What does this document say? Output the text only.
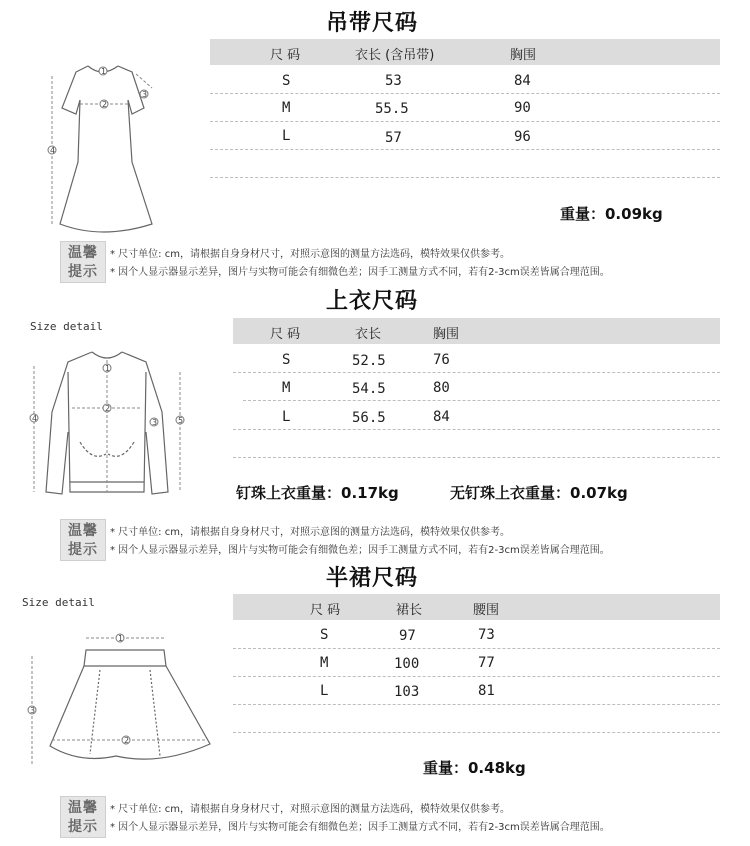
吊带尺码
1
2
3
4
尺 码	衣长 (含吊带)	胸围
S	53	84
M	55.5	90
L	57	96
重量：0.09kg
温馨
提示
* 尺寸单位: cm，请根据自身身材尺寸，对照示意图的测量方法选码，模特效果仅供参考。
* 因个人显示器显示差异，图片与实物可能会有细微色差；因手工测量方式不同，若有2-3cm误差皆属合理范围。
上衣尺码
Size detail
1
2
3
4	5
尺 码	衣长	胸围
S	52.5	76
M	54.5	80
L	56.5	84
钉珠上衣重量：0.17kg	无钉珠上衣重量：0.07kg
温馨
提示
* 尺寸单位: cm，请根据自身身材尺寸，对照示意图的测量方法选码，模特效果仅供参考。
* 因个人显示器显示差异，图片与实物可能会有细微色差；因手工测量方式不同，若有2-3cm误差皆属合理范围。
半裙尺码
Size detail
1
2
3
尺 码	裙长	腰围
S	97	73
M	100	77
L	103	81
重量：0.48kg
温馨
提示
* 尺寸单位: cm，请根据自身身材尺寸，对照示意图的测量方法选码，模特效果仅供参考。
* 因个人显示器显示差异，图片与实物可能会有细微色差；因手工测量方式不同，若有2-3cm误差皆属合理范围。
